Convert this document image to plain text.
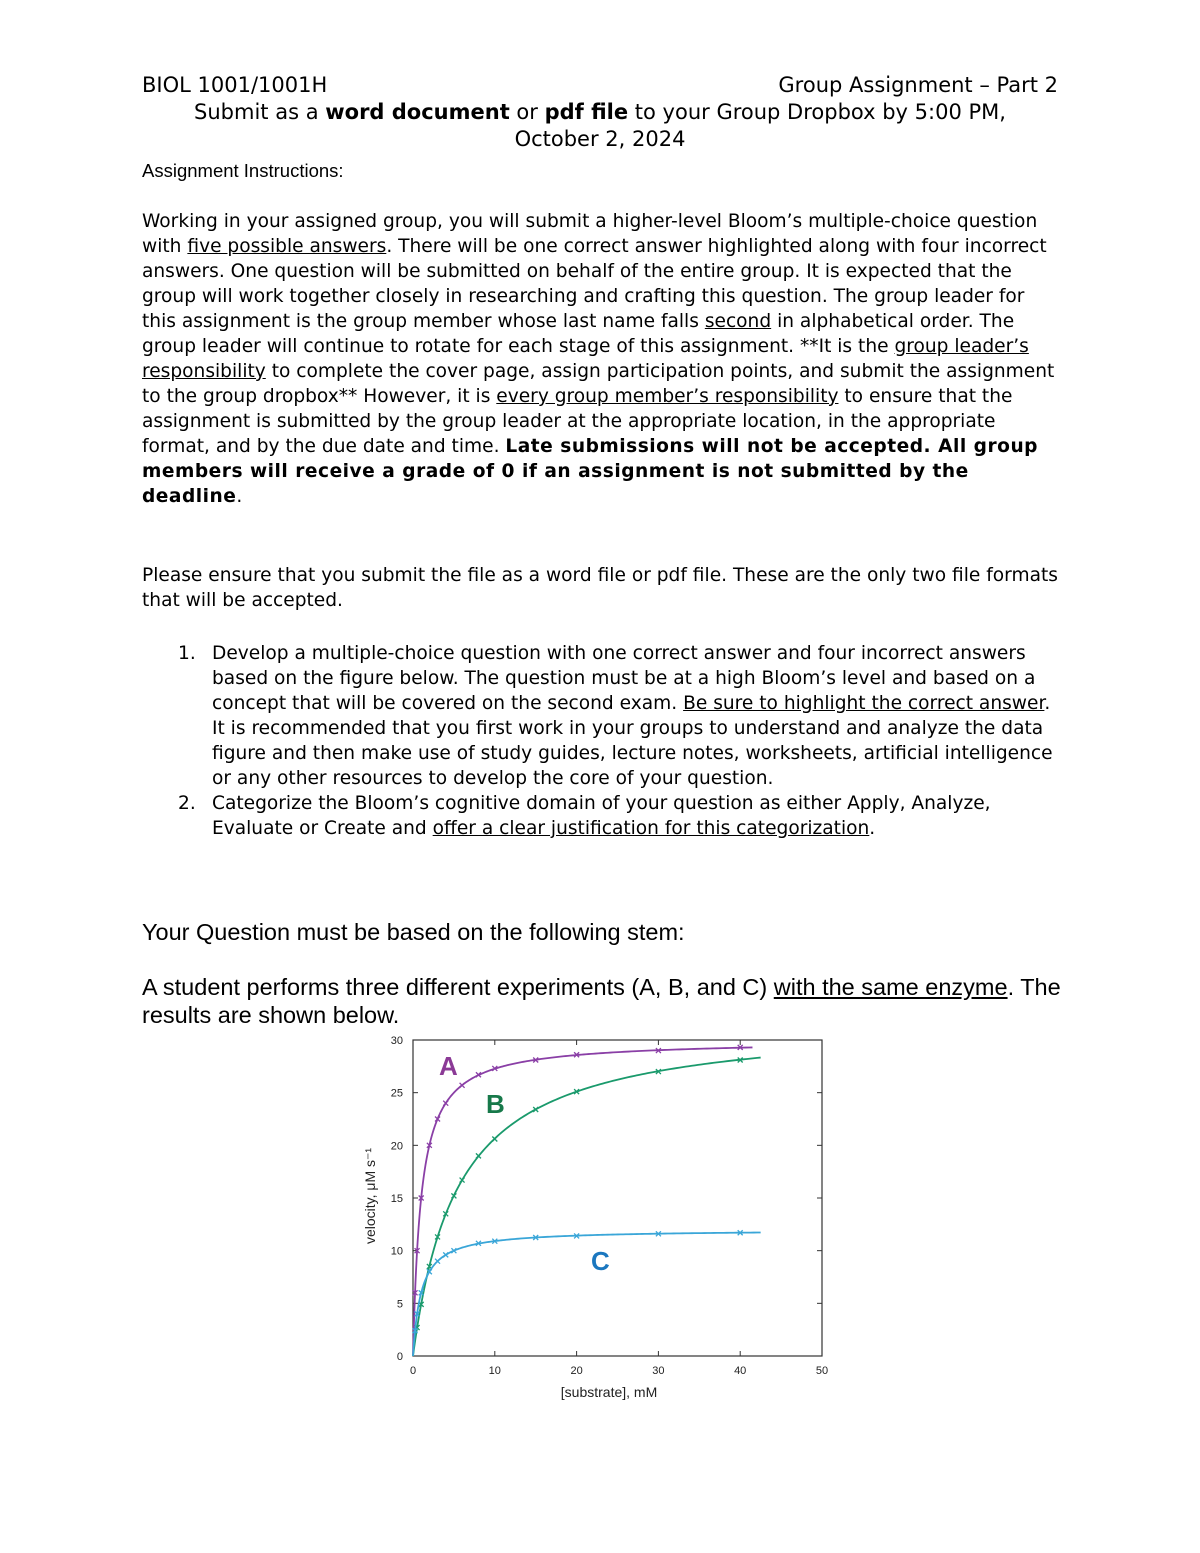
BIOL 1001/1001H	Group Assignment – Part 2
Submit as a word document or pdf file to your Group Dropbox by 5:00 PM,
October 2, 2024
Assignment Instructions:
Working in your assigned group, you will submit a higher-level Bloom’s multiple-choice question with five possible answers. There will be one correct answer highlighted along with four incorrect answers. One question will be submitted on behalf of the entire group. It is expected that the group will work together closely in researching and crafting this question. The group leader for this assignment is the group member whose last name falls second in alphabetical order. The group leader will continue to rotate for each stage of this assignment. **It is the group leader’s responsibility to complete the cover page, assign participation points, and submit the assignment to the group dropbox** However, it is every group member’s responsibility to ensure that the assignment is submitted by the group leader at the appropriate location, in the appropriate format, and by the due date and time. Late submissions will not be accepted. All group members will receive a grade of 0 if an assignment is not submitted by the deadline.
Please ensure that you submit the file as a word file or pdf file. These are the only two file formats that will be accepted.
1. Develop a multiple-choice question with one correct answer and four incorrect answers based on the figure below. The question must be at a high Bloom’s level and based on a concept that will be covered on the second exam. Be sure to highlight the correct answer. It is recommended that you first work in your groups to understand and analyze the data figure and then make use of study guides, lecture notes, worksheets, artificial intelligence or any other resources to develop the core of your question.
2. Categorize the Bloom’s cognitive domain of your question as either Apply, Analyze, Evaluate or Create and offer a clear justification for this categorization.
Your Question must be based on the following stem:
A student performs three different experiments (A, B, and C) with the same enzyme. The results are shown below.
0	10	20	30	40	50
0
5
10
15
20
25
30
[substrate], mM
velocity, μM s⁻¹
A
B
C
